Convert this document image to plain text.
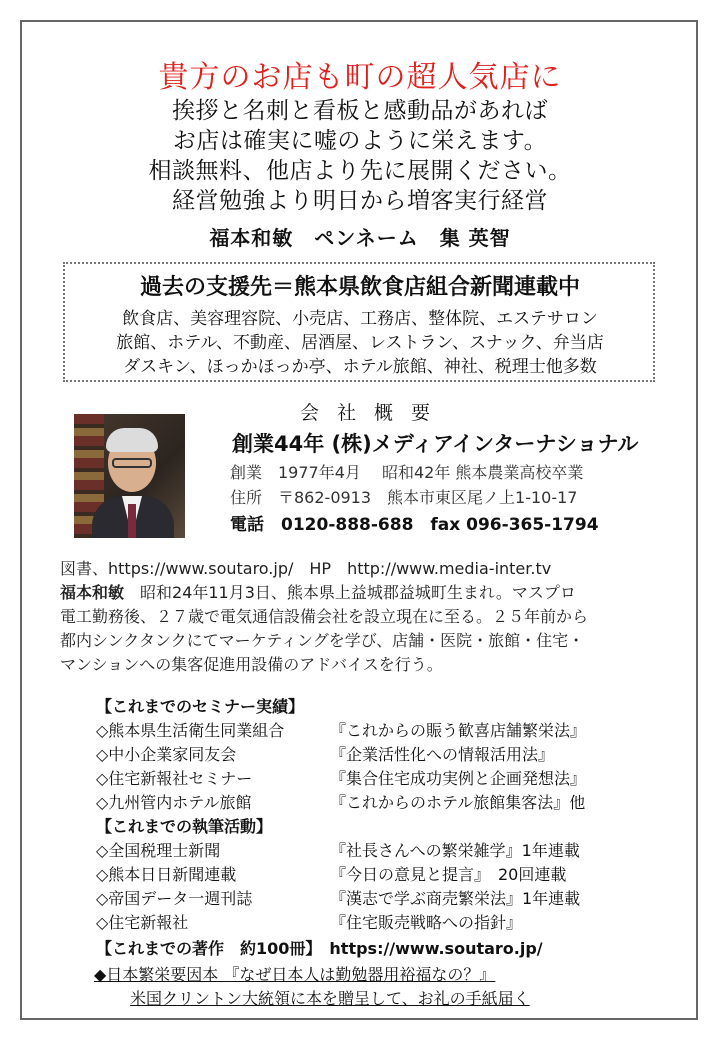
貴方のお店も町の超人気店に
挨拶と名刺と看板と感動品があれば
お店は確実に嘘のように栄えます。
相談無料、他店より先に展開ください。
経営勉強より明日から増客実行経営
福本和敏　ペンネーム　集 英智
過去の支援先＝熊本県飲食店組合新聞連載中
飲食店、美容理容院、小売店、工務店、整体院、エステサロン
旅館、ホテル、不動産、居酒屋、レストラン、スナック、弁当店
ダスキン、ほっかほっか亭、ホテル旅館、神社、税理士他多数
会社概要
創業44年 (株)メディアインターナショナル
創業　1977年4月　 昭和42年 熊本農業高校卒業
住所　〒862-0913　熊本市東区尾ノ上1-10-17
電話　0120-888-688　fax 096-365-1794
図書、https://www.soutaro.jp/　HP　http://www.media-inter.tv
福本和敏　昭和24年11月3日、熊本県上益城郡益城町生まれ。マスプロ
電工勤務後、２７歳で電気通信設備会社を設立現在に至る。２５年前から
都内シンクタンクにてマーケティングを学び、店舗・医院・旅館・住宅・
マンションへの集客促進用設備のアドバイスを行う。
【これまでのセミナー実績】
◇熊本県生活衛生同業組合	『これからの賑う歓喜店舗繁栄法』
◇中小企業家同友会	『企業活性化への情報活用法』
◇住宅新報社セミナー	『集合住宅成功実例と企画発想法』
◇九州管内ホテル旅館	『これからのホテル旅館集客法』他
【これまでの執筆活動】
◇全国税理士新聞	『社長さんへの繁栄雑学』1年連載
◇熊本日日新聞連載	『今日の意見と提言』　20回連載
◇帝国データ一週刊誌	『漢志で学ぶ商売繁栄法』1年連載
◇住宅新報社	『住宅販売戦略への指針』
【これまでの著作　約100冊】　https://www.soutaro.jp/
◆日本繁栄要因本 『なぜ日本人は勤勉器用裕福なの？』
米国クリントン大統領に本を贈呈して、お礼の手紙届く
